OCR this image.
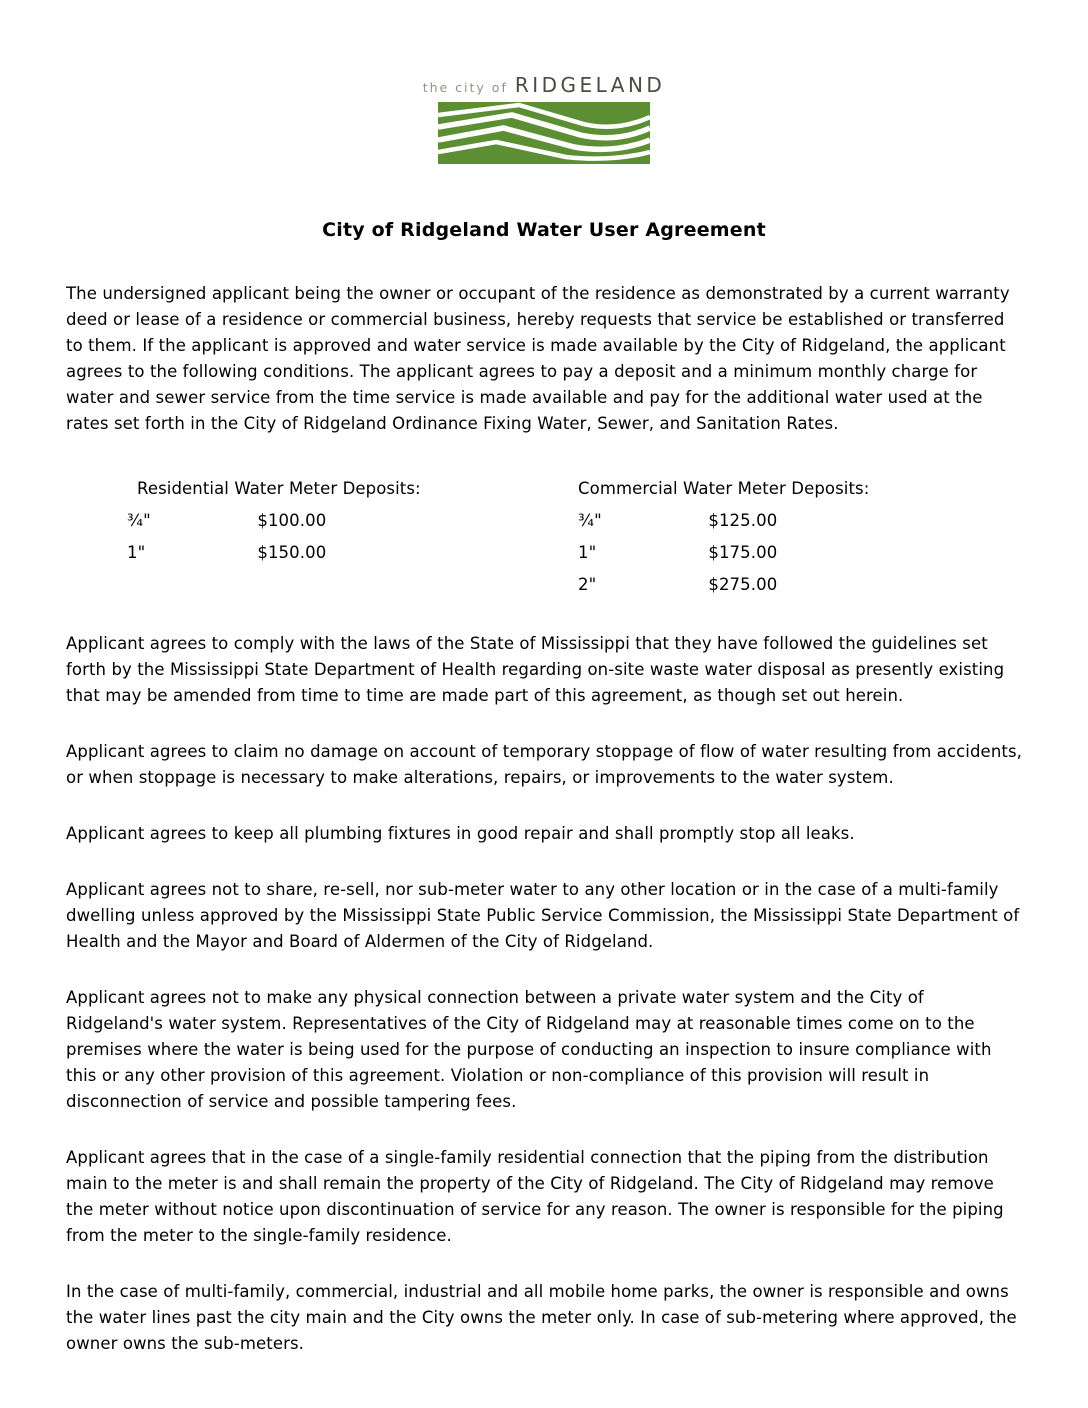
the city of RIDGELAND
City of Ridgeland Water User Agreement

The undersigned applicant being the owner or occupant of the residence as demonstrated by a current warranty deed or lease of a residence or commercial business, hereby requests that service be established or transferred to them. If the applicant is approved and water service is made available by the City of Ridgeland, the applicant agrees to the following conditions. The applicant agrees to pay a deposit and a minimum monthly charge for water and sewer service from the time service is made available and pay for the additional water used at the rates set forth in the City of Ridgeland Ordinance Fixing Water, Sewer, and Sanitation Rates.

Residential Water Meter Deposits:
¾"	$100.00
1"	$150.00
Commercial Water Meter Deposits:
¾"	$125.00
1"	$175.00
2"	$275.00

Applicant agrees to comply with the laws of the State of Mississippi that they have followed the guidelines set forth by the Mississippi State Department of Health regarding on-site waste water disposal as presently existing that may be amended from time to time are made part of this agreement, as though set out herein.

Applicant agrees to claim no damage on account of temporary stoppage of flow of water resulting from accidents, or when stoppage is necessary to make alterations, repairs, or improvements to the water system.

Applicant agrees to keep all plumbing fixtures in good repair and shall promptly stop all leaks.

Applicant agrees not to share, re-sell, nor sub-meter water to any other location or in the case of a multi-family dwelling unless approved by the Mississippi State Public Service Commission, the Mississippi State Department of Health and the Mayor and Board of Aldermen of the City of Ridgeland.

Applicant agrees not to make any physical connection between a private water system and the City of Ridgeland's water system. Representatives of the City of Ridgeland may at reasonable times come on to the premises where the water is being used for the purpose of conducting an inspection to insure compliance with this or any other provision of this agreement. Violation or non-compliance of this provision will result in disconnection of service and possible tampering fees.

Applicant agrees that in the case of a single-family residential connection that the piping from the distribution main to the meter is and shall remain the property of the City of Ridgeland. The City of Ridgeland may remove the meter without notice upon discontinuation of service for any reason. The owner is responsible for the piping from the meter to the single-family residence.

In the case of multi-family, commercial, industrial and all mobile home parks, the owner is responsible and owns the water lines past the city main and the City owns the meter only. In case of sub-metering where approved, the owner owns the sub-meters.
